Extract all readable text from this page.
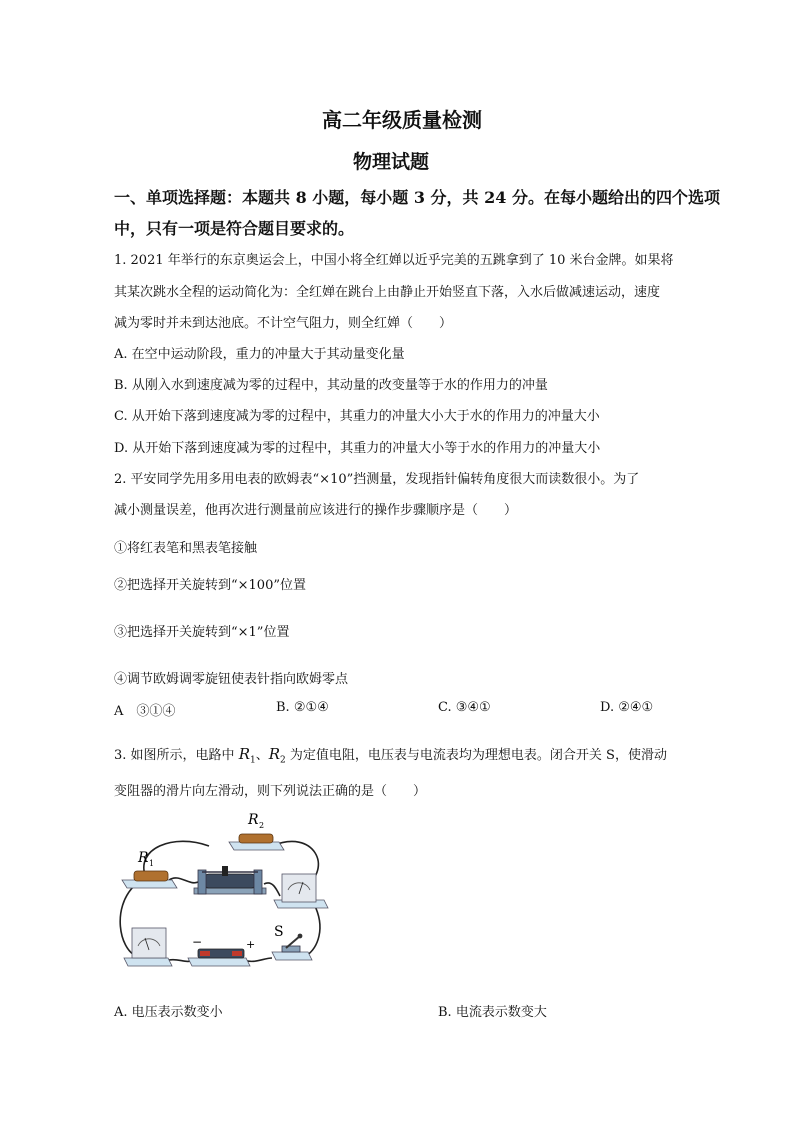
高二年级质量检测
物理试题
一、单项选择题：本题共 8 小题，每小题 3 分，共 24 分。在每小题给出的四个选项
中，只有一项是符合题目要求的。
1. 2021 年举行的东京奥运会上，中国小将全红婵以近乎完美的五跳拿到了 10 米台金牌。如果将
其某次跳水全程的运动简化为：全红婵在跳台上由静止开始竖直下落，入水后做减速运动，速度
减为零时并未到达池底。不计空气阻力，则全红婵（　　）
A. 在空中运动阶段，重力的冲量大于其动量变化量
B. 从刚入水到速度减为零的过程中，其动量的改变量等于水的作用力的冲量
C. 从开始下落到速度减为零的过程中，其重力的冲量大小大于水的作用力的冲量大小
D. 从开始下落到速度减为零的过程中，其重力的冲量大小等于水的作用力的冲量大小
2. 平安同学先用多用电表的欧姆表“×10”挡测量，发现指针偏转角度很大而读数很小。为了
减小测量误差，他再次进行测量前应该进行的操作步骤顺序是（　　）
①将红表笔和黑表笔接触
②把选择开关旋转到“×100”位置
③把选择开关旋转到“×1”位置
④调节欧姆调零旋钮使表针指向欧姆零点
A　③①④	B. ②①④	C. ③④①	D. ②④①
3. 如图所示，电路中 $R_1$、$R_2$ 为定值电阻，电压表与电流表均为理想电表。闭合开关 S，使滑动
变阻器的滑片向左滑动，则下列说法正确的是（　　）
R 2
R 1
−	+
S
A. 电压表示数变小	B. 电流表示数变大
